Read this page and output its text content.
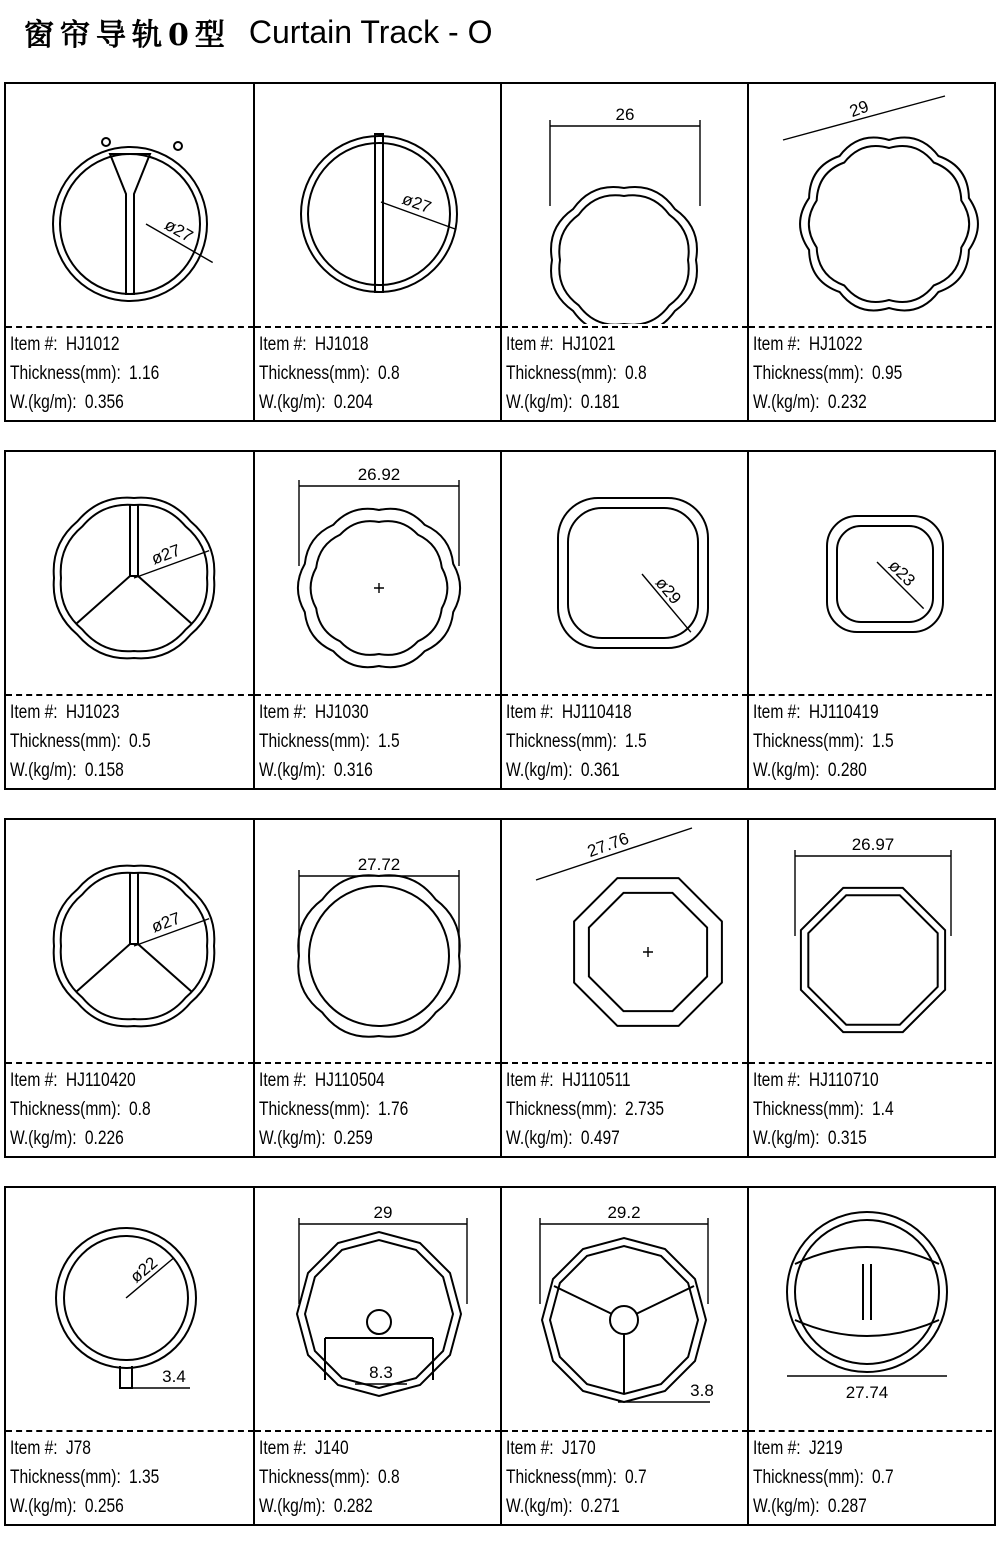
窗帘导轨0型 Curtain Track - O
ø27
Item #: HJ1012
Thickness(mm): 1.16
W.(kg/m): 0.356
ø27
Item #: HJ1018
Thickness(mm): 0.8
W.(kg/m): 0.204
26
Item #: HJ1021
Thickness(mm): 0.8
W.(kg/m): 0.181
29
Item #: HJ1022
Thickness(mm): 0.95
W.(kg/m): 0.232
ø27
Item #: HJ1023
Thickness(mm): 0.5
W.(kg/m): 0.158
26.92
Item #: HJ1030
Thickness(mm): 1.5
W.(kg/m): 0.316
ø29
Item #: HJ110418
Thickness(mm): 1.5
W.(kg/m): 0.361
ø23
Item #: HJ110419
Thickness(mm): 1.5
W.(kg/m): 0.280
ø27
Item #: HJ110420
Thickness(mm): 0.8
W.(kg/m): 0.226
27.72
Item #: HJ110504
Thickness(mm): 1.76
W.(kg/m): 0.259
27.76
Item #: HJ110511
Thickness(mm): 2.735
W.(kg/m): 0.497
26.97
Item #: HJ110710
Thickness(mm): 1.4
W.(kg/m): 0.315
ø22
3.4
Item #: J78
Thickness(mm): 1.35
W.(kg/m): 0.256
29
8.3
Item #: J140
Thickness(mm): 0.8
W.(kg/m): 0.282
29.2
3.8
Item #: J170
Thickness(mm): 0.7
W.(kg/m): 0.271
27.74
Item #: J219
Thickness(mm): 0.7
W.(kg/m): 0.287
